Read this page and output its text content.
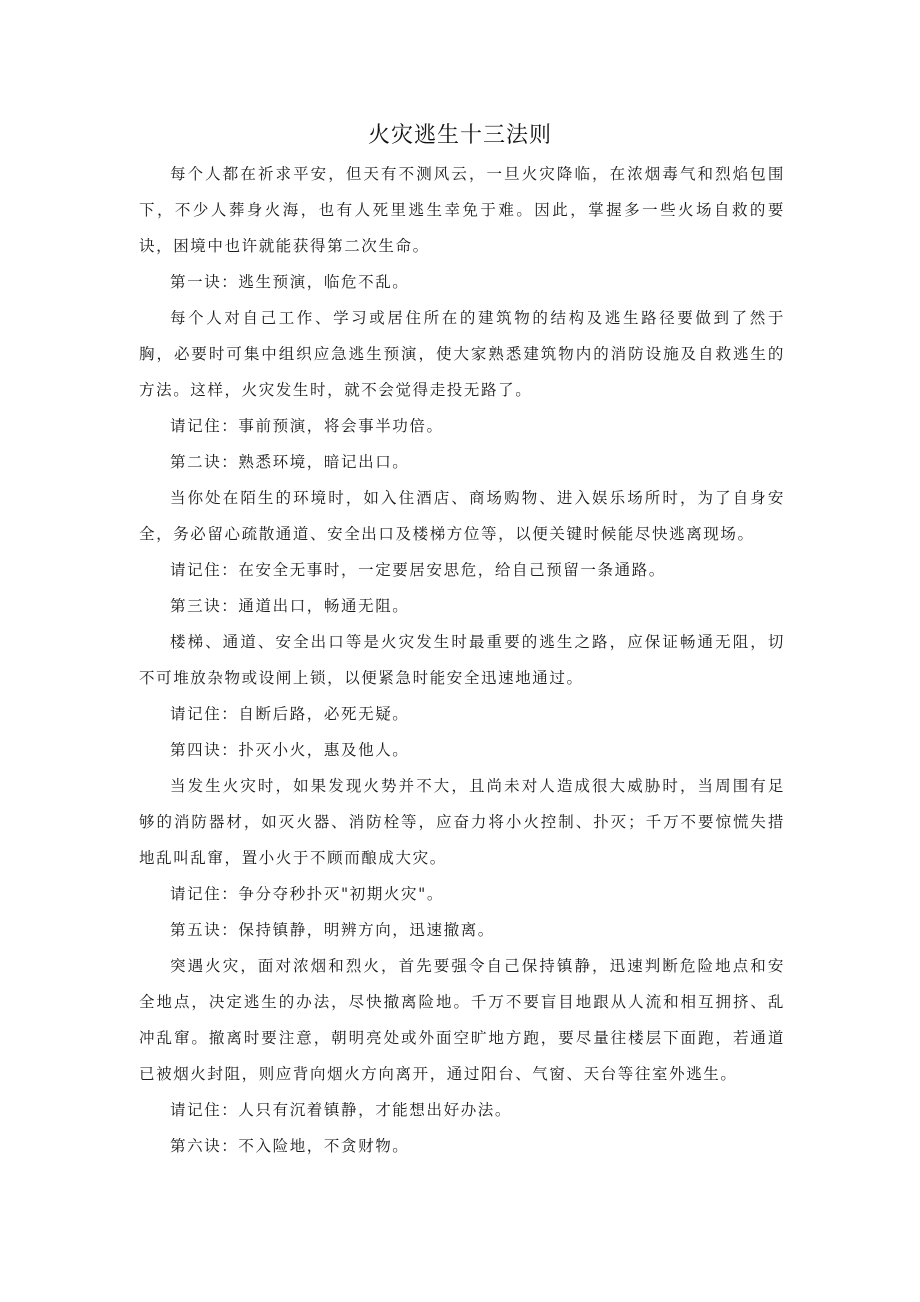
火灾逃生十三法则

每个人都在祈求平安，但天有不测风云，一旦火灾降临，在浓烟毒气和烈焰包围下，不少人葬身火海，也有人死里逃生幸免于难。因此，掌握多一些火场自救的要诀，困境中也许就能获得第二次生命。

第一诀：逃生预演，临危不乱。

每个人对自己工作、学习或居住所在的建筑物的结构及逃生路径要做到了然于胸，必要时可集中组织应急逃生预演，使大家熟悉建筑物内的消防设施及自救逃生的方法。这样，火灾发生时，就不会觉得走投无路了。

请记住：事前预演，将会事半功倍。

第二诀：熟悉环境，暗记出口。

当你处在陌生的环境时，如入住酒店、商场购物、进入娱乐场所时，为了自身安全，务必留心疏散通道、安全出口及楼梯方位等，以便关键时候能尽快逃离现场。

请记住：在安全无事时，一定要居安思危，给自己预留一条通路。

第三诀：通道出口，畅通无阻。

楼梯、通道、安全出口等是火灾发生时最重要的逃生之路，应保证畅通无阻，切不可堆放杂物或设闸上锁，以便紧急时能安全迅速地通过。

请记住：自断后路，必死无疑。

第四诀：扑灭小火，惠及他人。

当发生火灾时，如果发现火势并不大，且尚未对人造成很大威胁时，当周围有足够的消防器材，如灭火器、消防栓等，应奋力将小火控制、扑灭；千万不要惊慌失措地乱叫乱窜，置小火于不顾而酿成大灾。

请记住：争分夺秒扑灭"初期火灾"。

第五诀：保持镇静，明辨方向，迅速撤离。

突遇火灾，面对浓烟和烈火，首先要强令自己保持镇静，迅速判断危险地点和安全地点，决定逃生的办法，尽快撤离险地。千万不要盲目地跟从人流和相互拥挤、乱冲乱窜。撤离时要注意，朝明亮处或外面空旷地方跑，要尽量往楼层下面跑，若通道已被烟火封阻，则应背向烟火方向离开，通过阳台、气窗、天台等往室外逃生。

请记住：人只有沉着镇静，才能想出好办法。

第六诀：不入险地，不贪财物。
